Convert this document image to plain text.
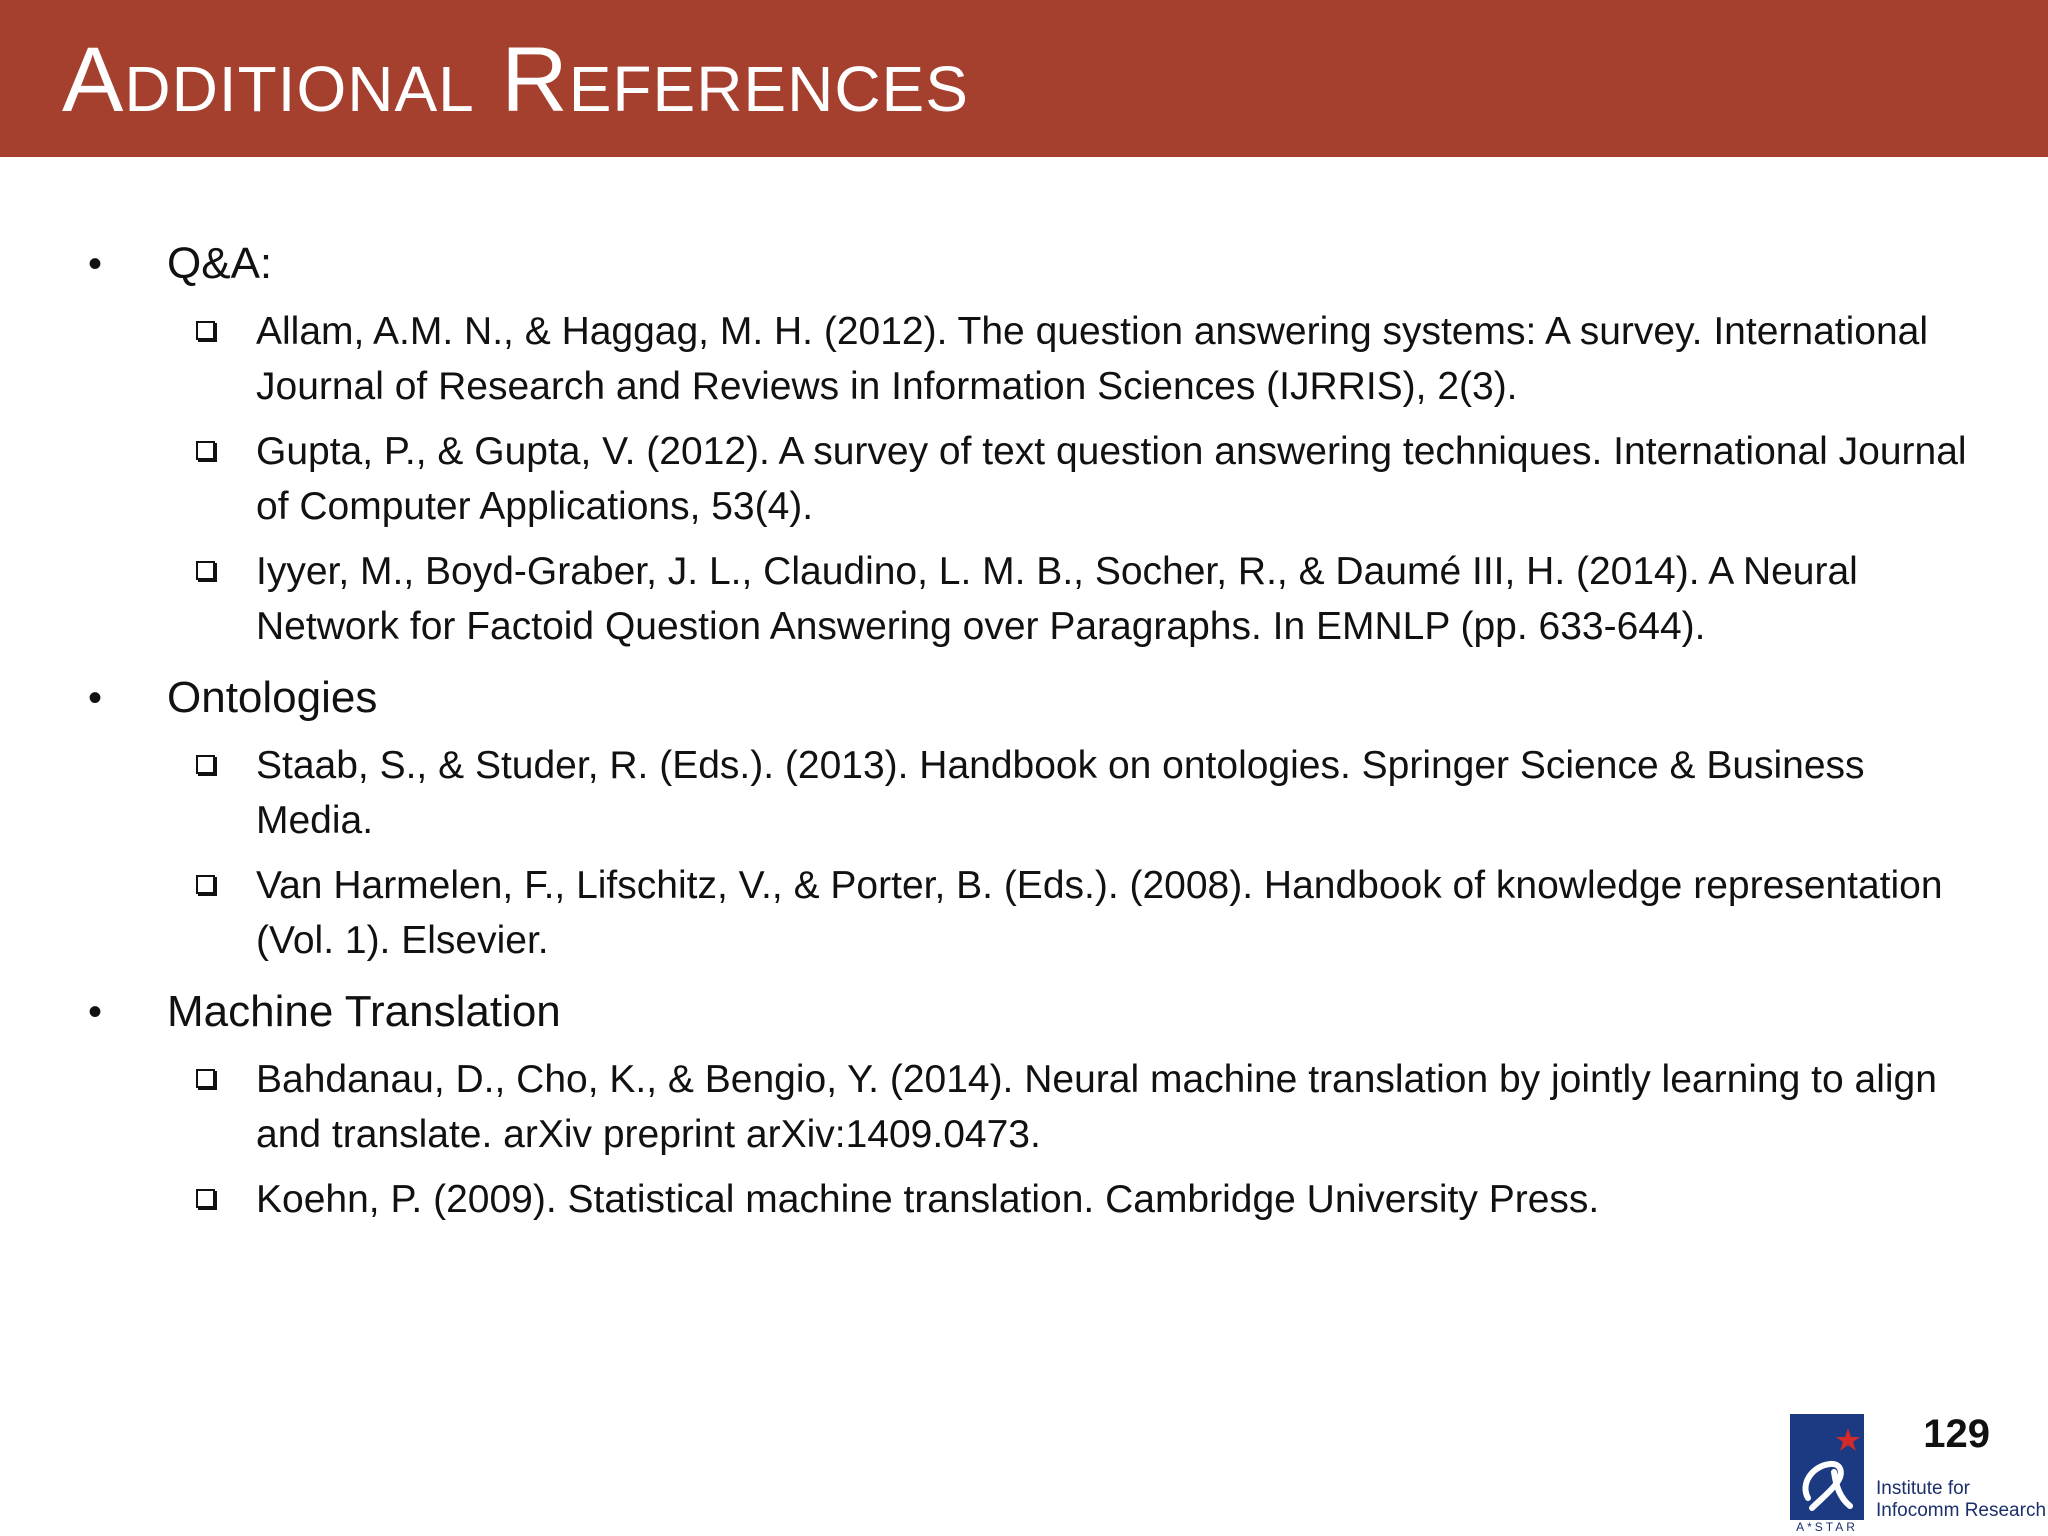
Additional References
• Q&A:
Allam, A.M. N., & Haggag, M. H. (2012). The question answering systems: A survey. International Journal of Research and Reviews in Information Sciences (IJRRIS), 2(3).
Gupta, P., & Gupta, V. (2012). A survey of text question answering techniques. International Journal of Computer Applications, 53(4).
Iyyer, M., Boyd-Graber, J. L., Claudino, L. M. B., Socher, R., & Daumé III, H. (2014). A Neural Network for Factoid Question Answering over Paragraphs. In EMNLP (pp. 633-644).
• Ontologies
Staab, S., & Studer, R. (Eds.). (2013). Handbook on ontologies. Springer Science & Business Media.
Van Harmelen, F., Lifschitz, V., & Porter, B. (Eds.). (2008). Handbook of knowledge representation (Vol. 1). Elsevier.
• Machine Translation
Bahdanau, D., Cho, K., & Bengio, Y. (2014). Neural machine translation by jointly learning to align and translate. arXiv preprint arXiv:1409.0473.
Koehn, P. (2009). Statistical machine translation. Cambridge University Press.
129
A*STAR
Institute for
Infocomm Research
